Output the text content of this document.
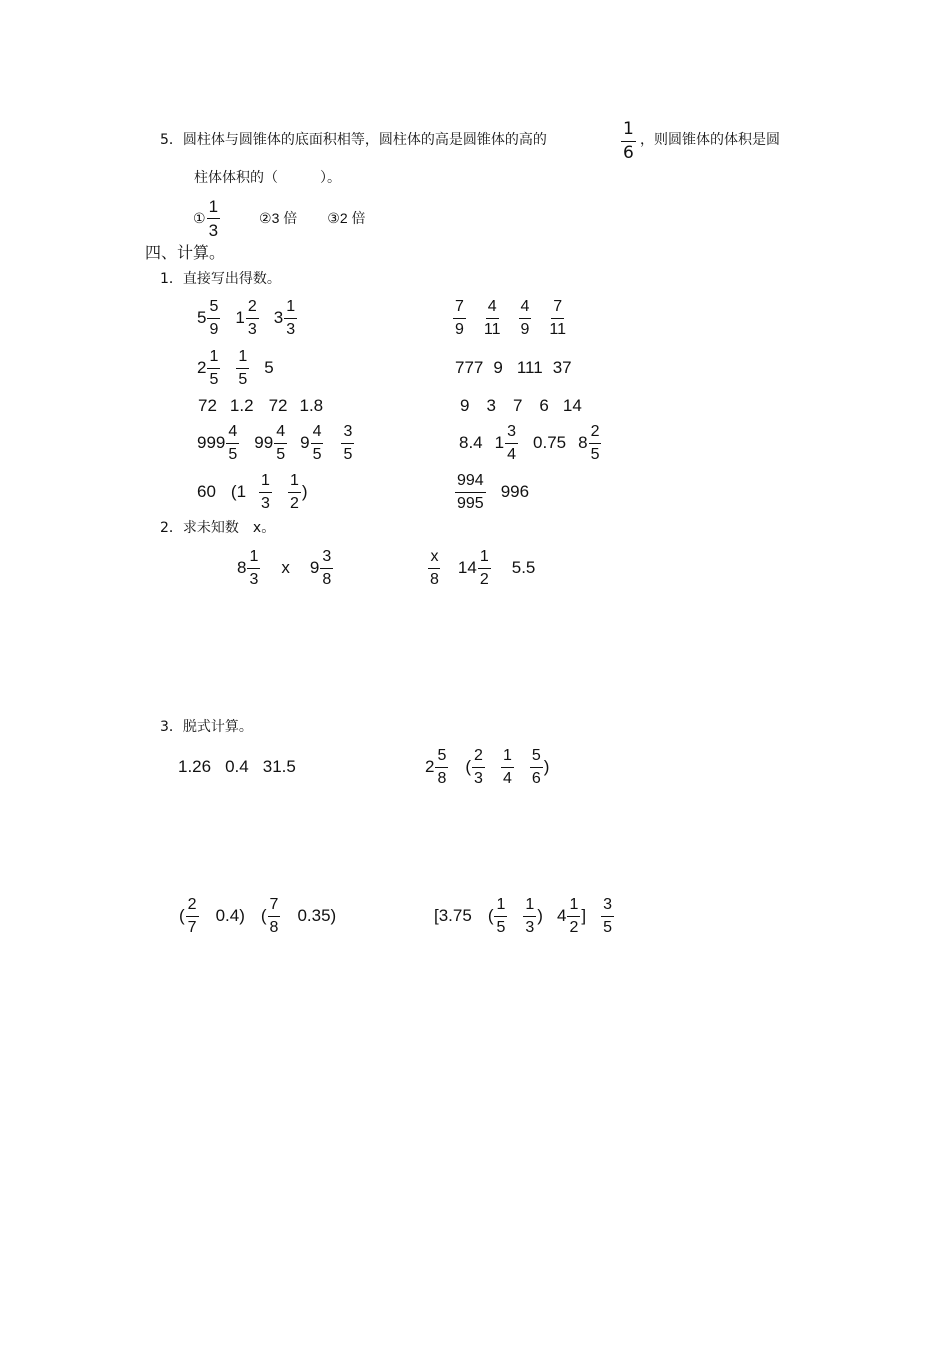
5．圆柱体与圆锥体的底面积相等，圆柱体的高是圆锥体的高的	$\frac{1}{6}$ ，则圆锥体的体积是圆
柱体体积的（　　　）。
① $\frac{1}{3}$	②3 倍 ③2 倍
四、计算。
1．直接写出得数。
$5 \frac{5}{9} 1 \frac{2}{3} 3 \frac{1}{3}$	$\frac{7}{9} \frac{4}{11} \frac{4}{9} \frac{7}{11}$
$2 \frac{1}{5} \frac{1}{5} 5$	777 9 111 37
72 1.2 72 1.8	9 3 7 6 14
$999 \frac{4}{5} 99 \frac{4}{5} 9 \frac{4}{5} \frac{3}{5}$	8.4 $1 \frac{3}{4} 0.75$ $8 \frac{2}{5}$
60 ($1 \frac{1}{3} \frac{1}{2}$ )	$\frac{994}{995} 996$
2．求未知数　x。
$8 \frac{1}{3}$ x $9 \frac{3}{8}$	$\frac{x}{8} 14 \frac{1}{2} 5.5$
3．脱式计算。
1.26 0.4 31.5	$2 \frac{5}{8}$ ( $\frac{2}{3} \frac{1}{4} \frac{5}{6}$ )
( $\frac{2}{7} 0.4$) ( $\frac{7}{8} 0.35$)	[3.75 ( $\frac{1}{5} \frac{1}{3}$ ) $4 \frac{1}{2}$ ] $\frac{3}{5}$
